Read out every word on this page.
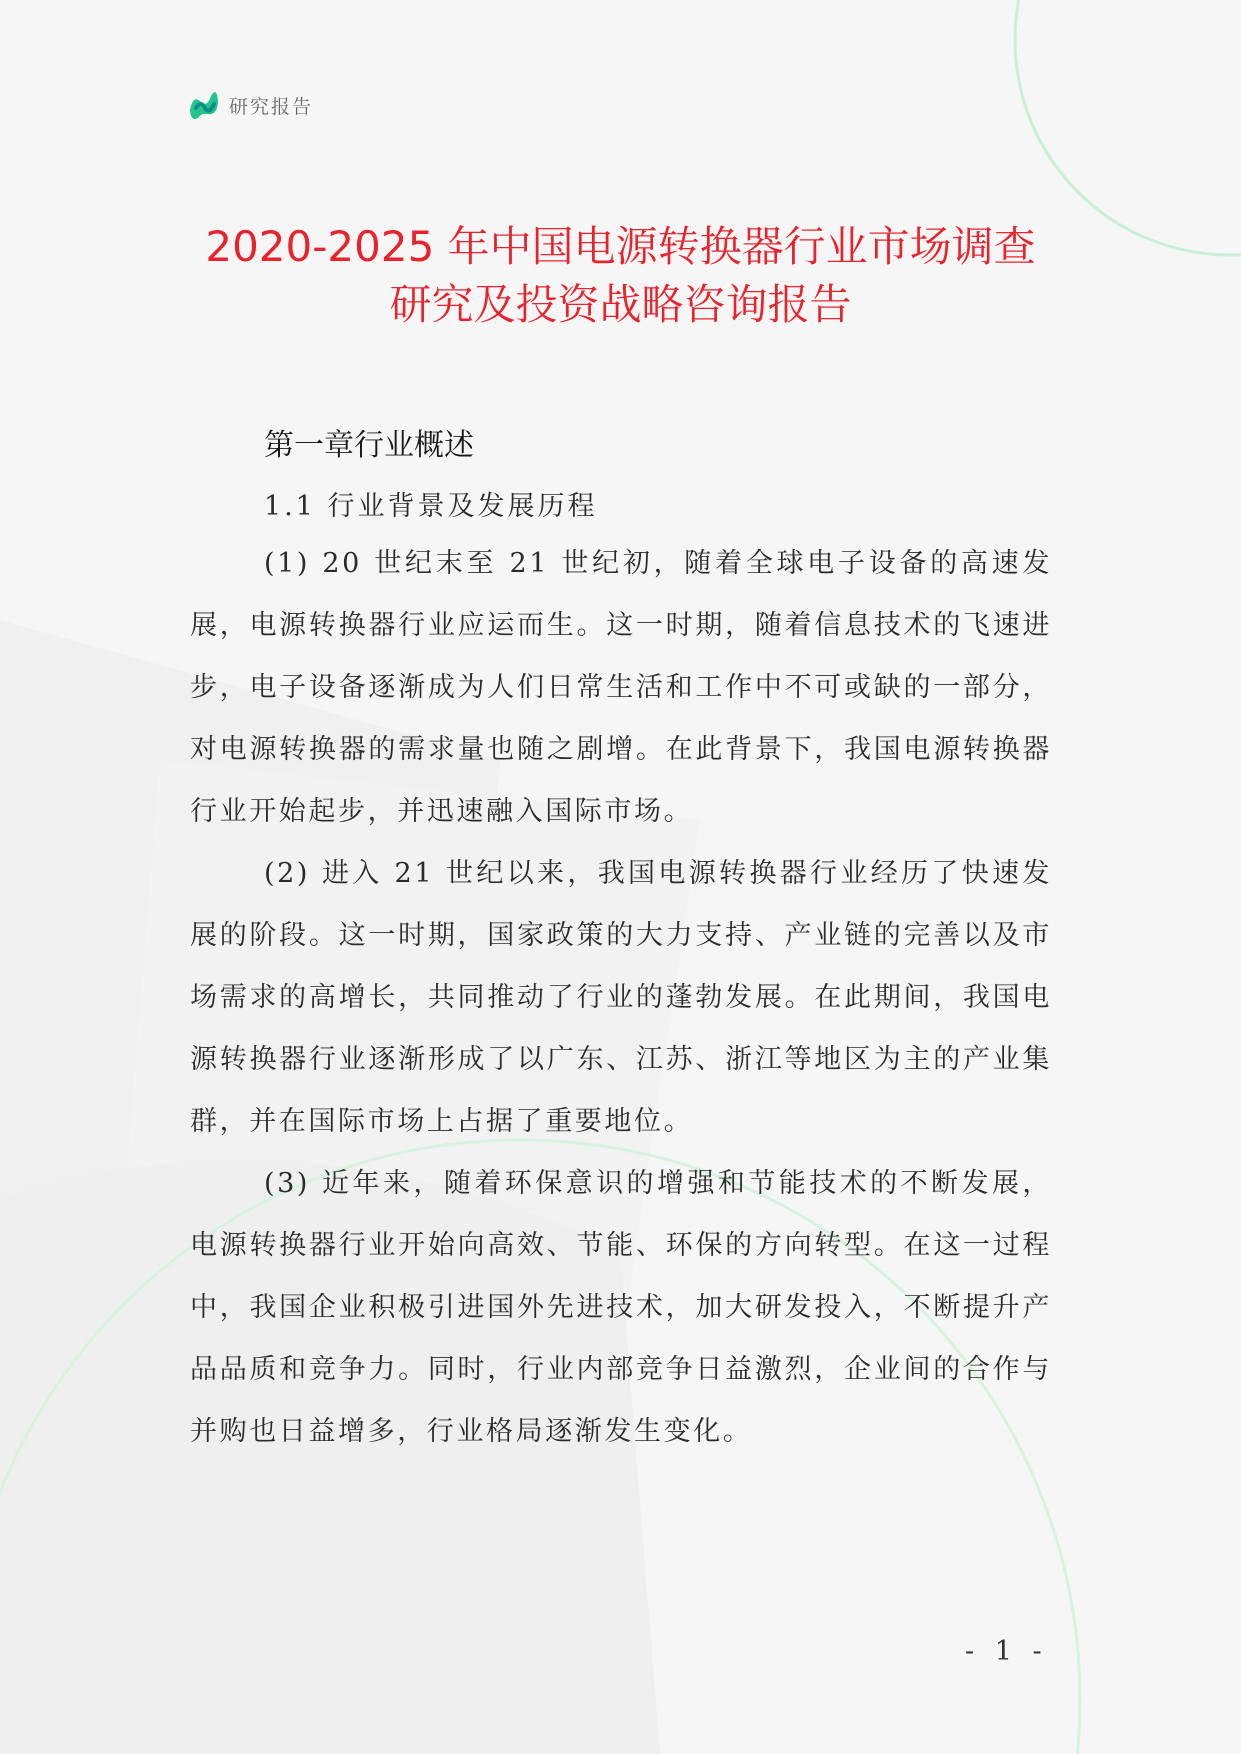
研究报告
2020-2025 年中国电源转换器行业市场调查
研究及投资战略咨询报告
第一章行业概述
1.1 行业背景及发展历程

(1) 20 世纪末至 21 世纪初，随着全球电子设备的高速发展，电源转换器行业应运而生。这一时期，随着信息技术的飞速进步，电子设备逐渐成为人们日常生活和工作中不可或缺的一部分，对电源转换器的需求量也随之剧增。在此背景下，我国电源转换器行业开始起步，并迅速融入国际市场。

(2) 进入 21 世纪以来，我国电源转换器行业经历了快速发展的阶段。这一时期，国家政策的大力支持、产业链的完善以及市场需求的高增长，共同推动了行业的蓬勃发展。在此期间，我国电源转换器行业逐渐形成了以广东、江苏、浙江等地区为主的产业集群，并在国际市场上占据了重要地位。

(3) 近年来，随着环保意识的增强和节能技术的不断发展，电源转换器行业开始向高效、节能、环保的方向转型。在这一过程中，我国企业积极引进国外先进技术，加大研发投入，不断提升产品品质和竞争力。同时，行业内部竞争日益激烈，企业间的合作与并购也日益增多，行业格局逐渐发生变化。

- 1 -
